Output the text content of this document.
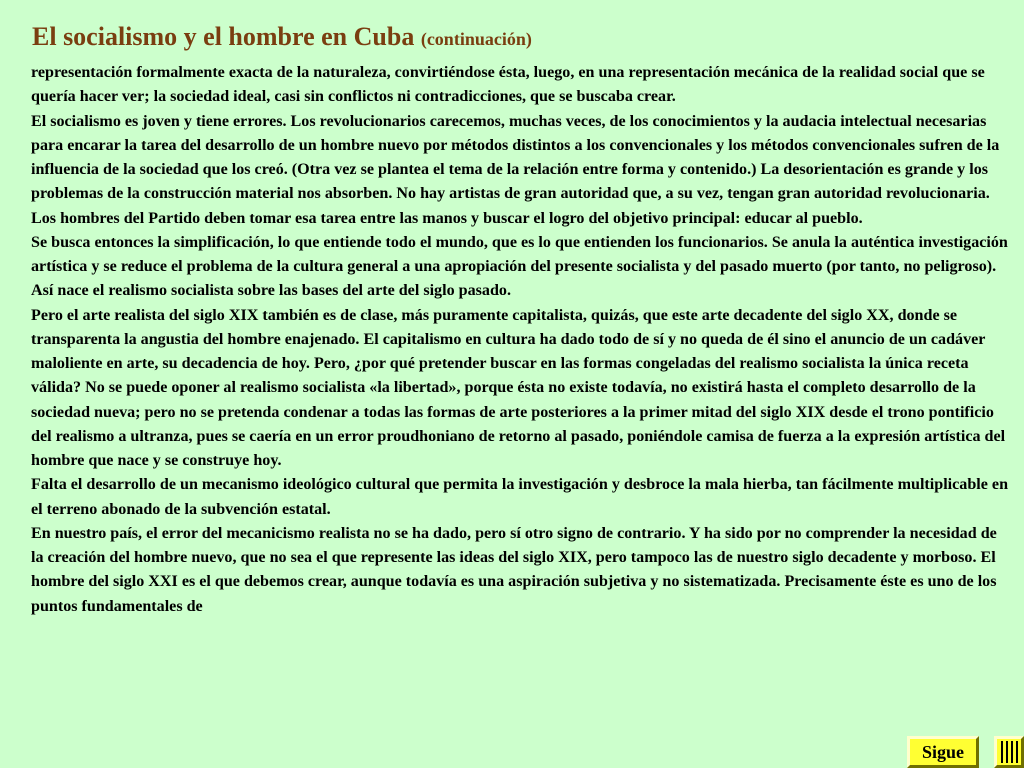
El socialismo y el hombre en Cuba (continuación)

representación formalmente exacta de la naturaleza, convirtiéndose ésta, luego, en una representación mecánica de la realidad social que se quería hacer ver; la sociedad ideal, casi sin conflictos ni contradicciones, que se buscaba crear.

El socialismo es joven y tiene errores. Los revolucionarios carecemos, muchas veces, de los conocimientos y la audacia intelectual necesarias para encarar la tarea del desarrollo de un hombre nuevo por métodos distintos a los convencionales y los métodos convencionales sufren de la influencia de la sociedad que los creó. (Otra vez se plantea el tema de la relación entre forma y contenido.) La desorientación es grande y los problemas de la construcción material nos absorben. No hay artistas de gran autoridad que, a su vez, tengan gran autoridad revolucionaria. Los hombres del Partido deben tomar esa tarea entre las manos y buscar el logro del objetivo principal: educar al pueblo.

Se busca entonces la simplificación, lo que entiende todo el mundo, que es lo que entienden los funcionarios. Se anula la auténtica investigación artística y se reduce el problema de la cultura general a una apropiación del presente socialista y del pasado muerto (por tanto, no peligroso). Así nace el realismo socialista sobre las bases del arte del siglo pasado.

Pero el arte realista del siglo XIX también es de clase, más puramente capitalista, quizás, que este arte decadente del siglo XX, donde se transparenta la angustia del hombre enajenado. El capitalismo en cultura ha dado todo de sí y no queda de él sino el anuncio de un cadáver maloliente en arte, su decadencia de hoy. Pero, ¿por qué pretender buscar en las formas congeladas del realismo socialista la única receta válida? No se puede oponer al realismo socialista «la libertad», porque ésta no existe todavía, no existirá hasta el completo desarrollo de la sociedad nueva; pero no se pretenda condenar a todas las formas de arte posteriores a la primer mitad del siglo XIX desde el trono pontificio del realismo a ultranza, pues se caería en un error proudhoniano de retorno al pasado, poniéndole camisa de fuerza a la expresión artística del hombre que nace y se construye hoy.

Falta el desarrollo de un mecanismo ideológico cultural que permita la investigación y desbroce la mala hierba, tan fácilmente multiplicable en el terreno abonado de la subvención estatal.

En nuestro país, el error del mecanicismo realista no se ha dado, pero sí otro signo de contrario. Y ha sido por no comprender la necesidad de la creación del hombre nuevo, que no sea el que represente las ideas del siglo XIX, pero tampoco las de nuestro siglo decadente y morboso. El hombre del siglo XXI es el que debemos crear, aunque todavía es una aspiración subjetiva y no sistematizada. Precisamente éste es uno de los puntos fundamentales de

Sigue
